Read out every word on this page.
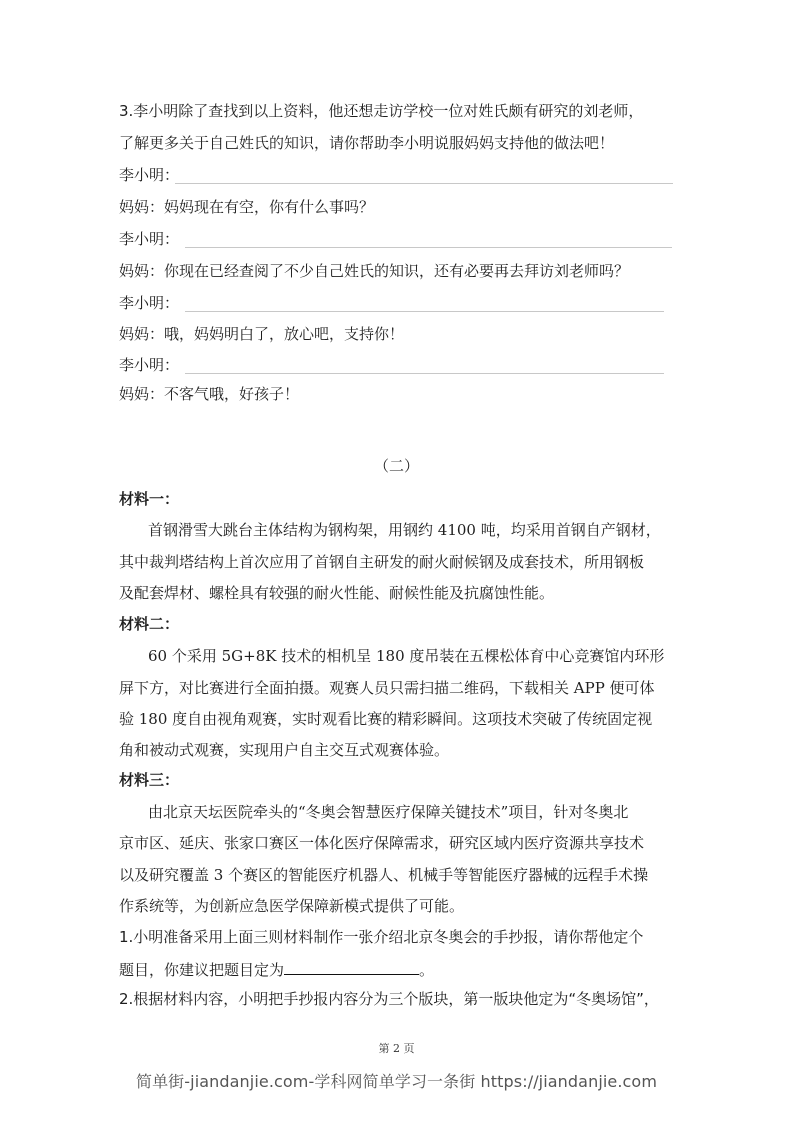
3.李小明除了查找到以上资料，他还想走访学校一位对姓氏颇有研究的刘老师，
了解更多关于自己姓氏的知识，请你帮助李小明说服妈妈支持他的做法吧！
李小明：
妈妈：妈妈现在有空，你有什么事吗？
李小明：
妈妈：你现在已经查阅了不少自己姓氏的知识，还有必要再去拜访刘老师吗？
李小明：
妈妈：哦，妈妈明白了，放心吧，支持你！
李小明：
妈妈：不客气哦，好孩子！
（二）
材料一：
首钢滑雪大跳台主体结构为钢构架，用钢约 4100 吨，均采用首钢自产钢材，
其中裁判塔结构上首次应用了首钢自主研发的耐火耐候钢及成套技术，所用钢板
及配套焊材、螺栓具有较强的耐火性能、耐候性能及抗腐蚀性能。
材料二：
60 个采用 5G+8K 技术的相机呈 180 度吊装在五棵松体育中心竞赛馆内环形
屏下方，对比赛进行全面拍摄。观赛人员只需扫描二维码，下载相关 APP 便可体
验 180 度自由视角观赛，实时观看比赛的精彩瞬间。这项技术突破了传统固定视
角和被动式观赛，实现用户自主交互式观赛体验。
材料三：
由北京天坛医院牵头的“冬奥会智慧医疗保障关键技术”项目，针对冬奥北
京市区、延庆、张家口赛区一体化医疗保障需求，研究区域内医疗资源共享技术
以及研究覆盖 3 个赛区的智能医疗机器人、机械手等智能医疗器械的远程手术操
作系统等，为创新应急医学保障新模式提供了可能。
1.小明准备采用上面三则材料制作一张介绍北京冬奥会的手抄报，请你帮他定个
题目，你建议把题目定为	。
2.根据材料内容，小明把手抄报内容分为三个版块，第一版块他定为“冬奥场馆”，
第 2 页
简单街-jiandanjie.com-学科网简单学习一条街 https://jiandanjie.com
